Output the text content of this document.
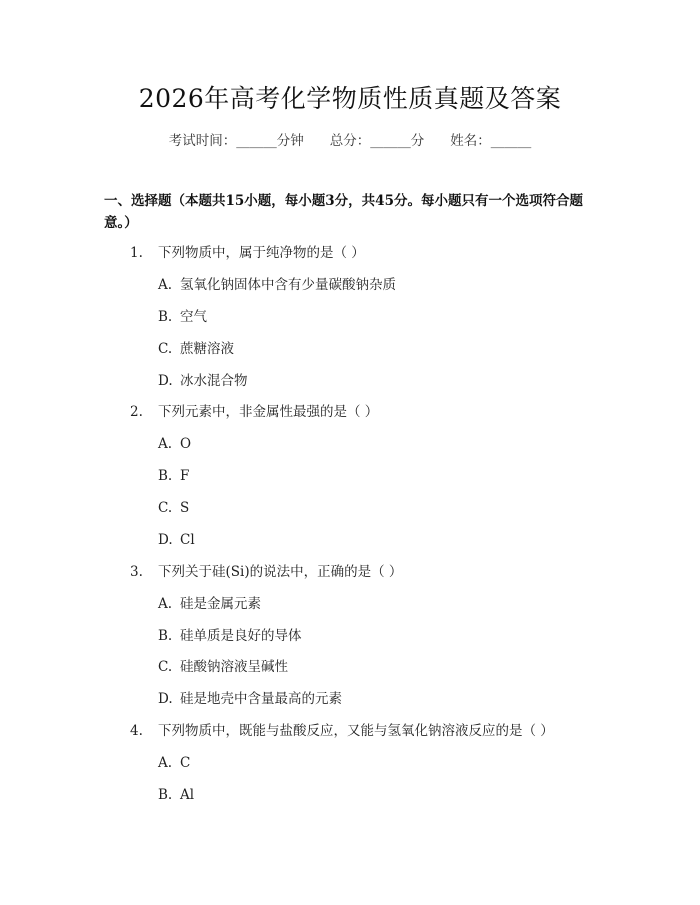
2026年高考化学物质性质真题及答案
考试时间：______分钟 总分：______分 姓名：______

一、选择题（本题共15小题，每小题3分，共45分。每小题只有一个选项符合题意。）

1. 下列物质中，属于纯净物的是（ ）
A. 氢氧化钠固体中含有少量碳酸钠杂质
B. 空气
C. 蔗糖溶液
D. 冰水混合物
2. 下列元素中，非金属性最强的是（ ）
A. O
B. F
C. S
D. Cl
3. 下列关于硅(Si)的说法中，正确的是（ ）
A. 硅是金属元素
B. 硅单质是良好的导体
C. 硅酸钠溶液呈碱性
D. 硅是地壳中含量最高的元素
4. 下列物质中，既能与盐酸反应，又能与氢氧化钠溶液反应的是（ ）
A. C
B. Al
